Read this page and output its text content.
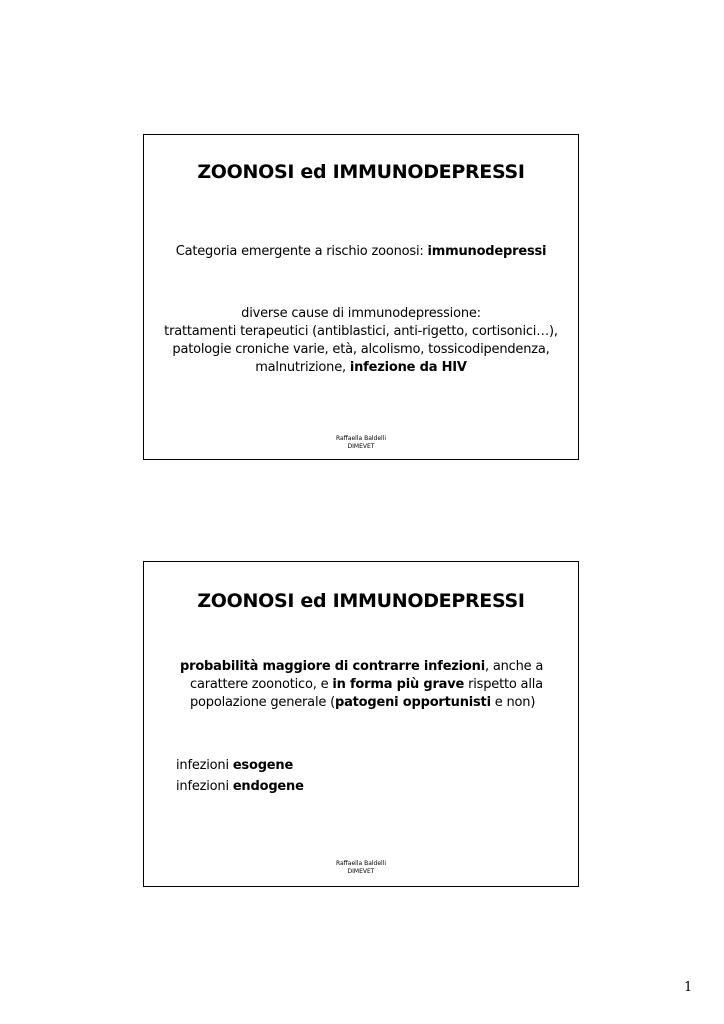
ZOONOSI ed IMMUNODEPRESSI
Categoria emergente a rischio zoonosi: immunodepressi
diverse cause di immunodepressione:
trattamenti terapeutici (antiblastici, anti-rigetto, cortisonici…),
patologie croniche varie, età, alcolismo, tossicodipendenza,
malnutrizione, infezione da HIV
Raffaella Baldelli
DIMEVET
ZOONOSI ed IMMUNODEPRESSI
probabilità maggiore di contrarre infezioni, anche a
carattere zoonotico, e in forma più grave rispetto alla
popolazione generale (patogeni opportunisti e non)
infezioni esogene
infezioni endogene
Raffaella Baldelli
DIMEVET
1
